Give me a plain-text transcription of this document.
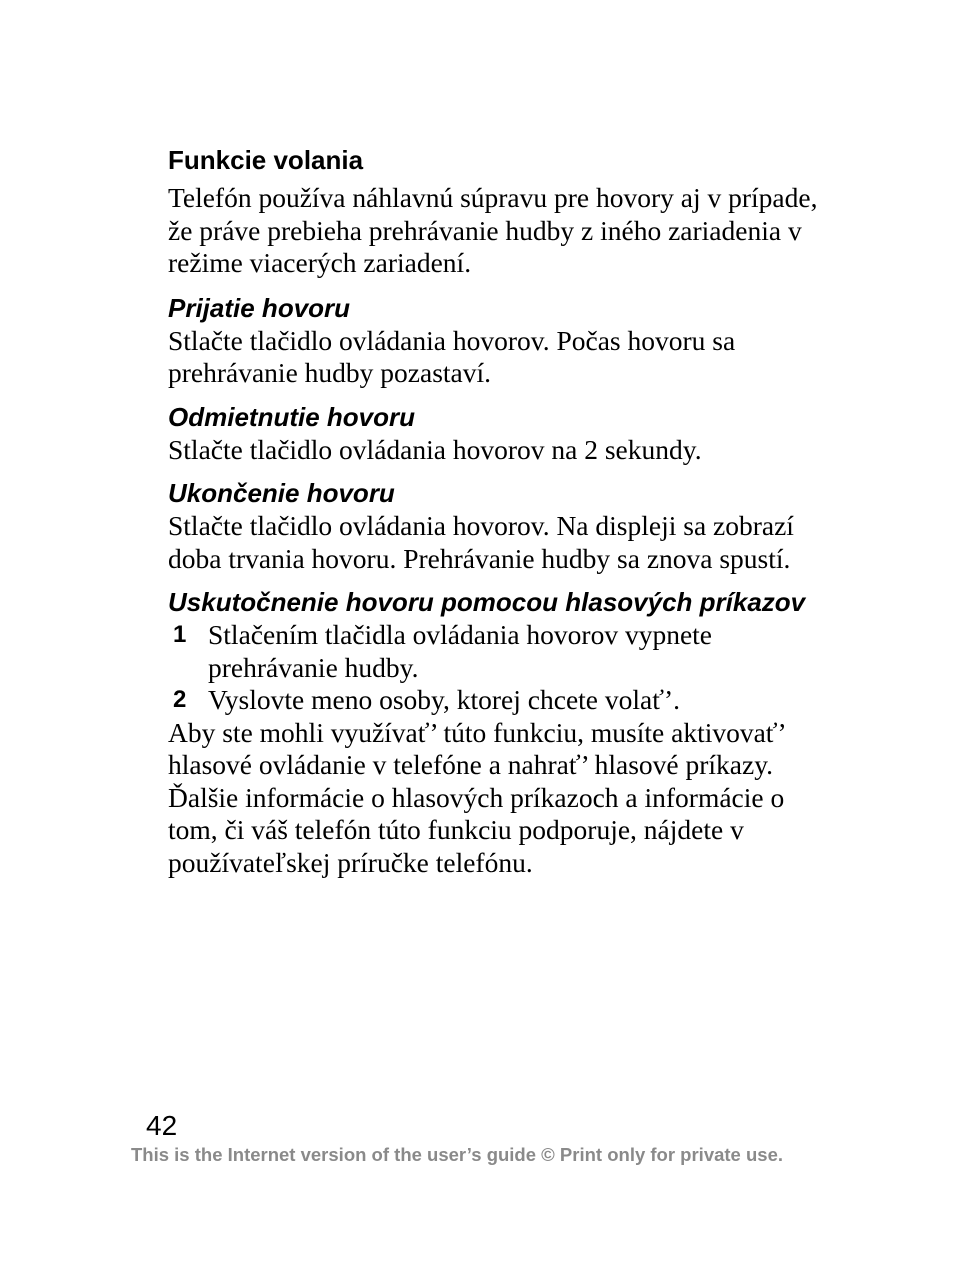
Funkcie volania

Telefón používa náhlavnú súpravu pre hovory aj v prípade, že práve prebieha prehrávanie hudby z iného zariadenia v režime viacerých zariadení.

Prijatie hovoru

Stlačte tlačidlo ovládania hovorov. Počas hovoru sa prehrávanie hudby pozastaví.

Odmietnutie hovoru

Stlačte tlačidlo ovládania hovorov na 2 sekundy.

Ukončenie hovoru

Stlačte tlačidlo ovládania hovorov. Na displeji sa zobrazí doba trvania hovoru. Prehrávanie hudby sa znova spustí.

Uskutočnenie hovoru pomocou hlasových príkazov
1 Stlačením tlačidla ovládania hovorov vypnete prehrávanie hudby.
2 Vyslovte meno osoby, ktorej chcete volať’.

Aby ste mohli využívať’ túto funkciu, musíte aktivovať’ hlasové ovládanie v telefóne a nahrať’ hlasové príkazy. Ďalšie informácie o hlasových príkazoch a informácie o tom, či váš telefón túto funkciu podporuje, nájdete v používateľskej príručke telefónu.

42
This is the Internet version of the user’s guide © Print only for private use.
